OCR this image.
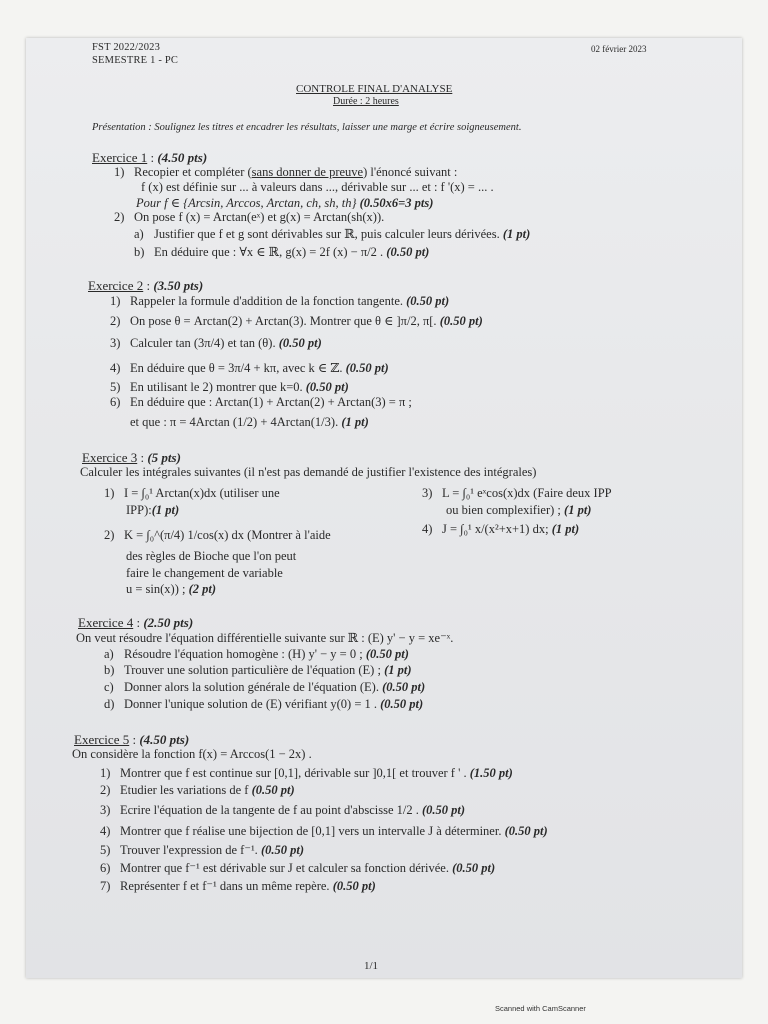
FST 2022/2023
SEMESTRE 1 - PC
02 février 2023
CONTROLE FINAL D'ANALYSE
Durée : 2 heures
Présentation : Soulignez les titres et encadrer les résultats, laisser une marge et écrire soigneusement.
Exercice 1 : (4.50 pts)
1) Recopier et compléter (sans donner de preuve) l'énoncé suivant :
f (x) est définie sur ... à valeurs dans ..., dérivable sur ... et : f '(x) = ... .
Pour f ∈ {Arcsin, Arccos, Arctan, ch, sh, th} (0.50x6=3 pts)
2) On pose f (x) = Arctan(eˣ) et g(x) = Arctan(sh(x)).
a) Justifier que f et g sont dérivables sur ℝ, puis calculer leurs dérivées. (1 pt)
b) En déduire que : ∀x ∈ ℝ, g(x) = 2f (x) − π/2 . (0.50 pt)
Exercice 2 : (3.50 pts)
1) Rappeler la formule d'addition de la fonction tangente. (0.50 pt)
2) On pose θ = Arctan(2) + Arctan(3). Montrer que θ ∈ ]π/2, π[. (0.50 pt)
3) Calculer tan (3π/4) et tan (θ). (0.50 pt)
4) En déduire que θ = 3π/4 + kπ, avec k ∈ ℤ. (0.50 pt)
5) En utilisant le 2) montrer que k=0. (0.50 pt)
6) En déduire que : Arctan(1) + Arctan(2) + Arctan(3) = π ;
et que : π = 4Arctan (1/2) + 4Arctan(1/3). (1 pt)
Exercice 3 : (5 pts)
Calculer les intégrales suivantes (il n'est pas demandé de justifier l'existence des intégrales)
1) I = ∫₀¹ Arctan(x)dx (utiliser une
IPP):(1 pt)
2) K = ∫₀^(π/4) 1/cos(x) dx (Montrer à l'aide
des règles de Bioche que l'on peut
faire le changement de variable
u = sin(x)) ; (2 pt)
3) L = ∫₀¹ eˣcos(x)dx (Faire deux IPP
ou bien complexifier) ; (1 pt)
4) J = ∫₀¹ x/(x²+x+1) dx; (1 pt)
Exercice 4 : (2.50 pts)
On veut résoudre l'équation différentielle suivante sur ℝ : (E) y' − y = xe⁻ˣ.
a) Résoudre l'équation homogène : (H) y' − y = 0 ; (0.50 pt)
b) Trouver une solution particulière de l'équation (E) ; (1 pt)
c) Donner alors la solution générale de l'équation (E). (0.50 pt)
d) Donner l'unique solution de (E) vérifiant y(0) = 1 . (0.50 pt)
Exercice 5 : (4.50 pts)
On considère la fonction f(x) = Arccos(1 − 2x) .
1) Montrer que f est continue sur [0,1], dérivable sur ]0,1[ et trouver f ' . (1.50 pt)
2) Etudier les variations de f (0.50 pt)
3) Ecrire l'équation de la tangente de f au point d'abscisse 1/2 . (0.50 pt)
4) Montrer que f réalise une bijection de [0,1] vers un intervalle J à déterminer. (0.50 pt)
5) Trouver l'expression de f⁻¹. (0.50 pt)
6) Montrer que f⁻¹ est dérivable sur J et calculer sa fonction dérivée. (0.50 pt)
7) Représenter f et f⁻¹ dans un même repère. (0.50 pt)
1/1
Scanned with CamScanner
